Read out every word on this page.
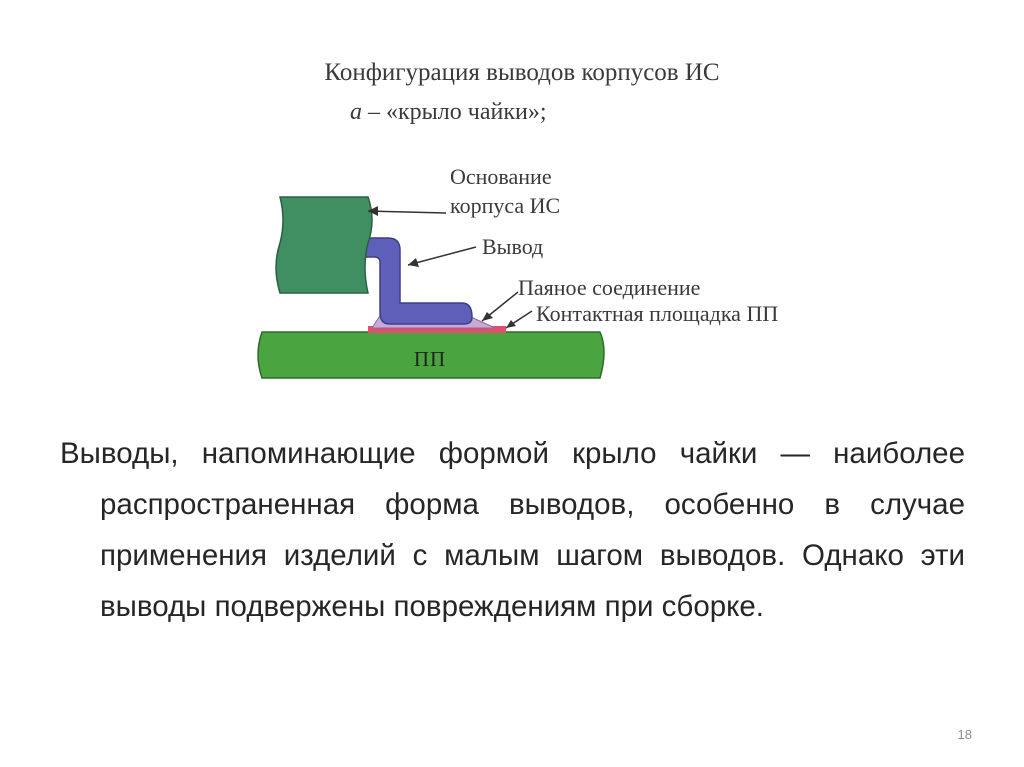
Конфигурация выводов корпусов ИС
а – «крыло чайки»;
Основание
корпуса ИС
Вывод
Паяное соединение
Контактная площадка ПП
ПП

Выводы, напоминающие формой крыло чайки — наиболее распространенная форма выводов, особенно в случае применения изделий с малым шагом выводов. Однако эти выводы подвержены повреждениям при сборке.

18
